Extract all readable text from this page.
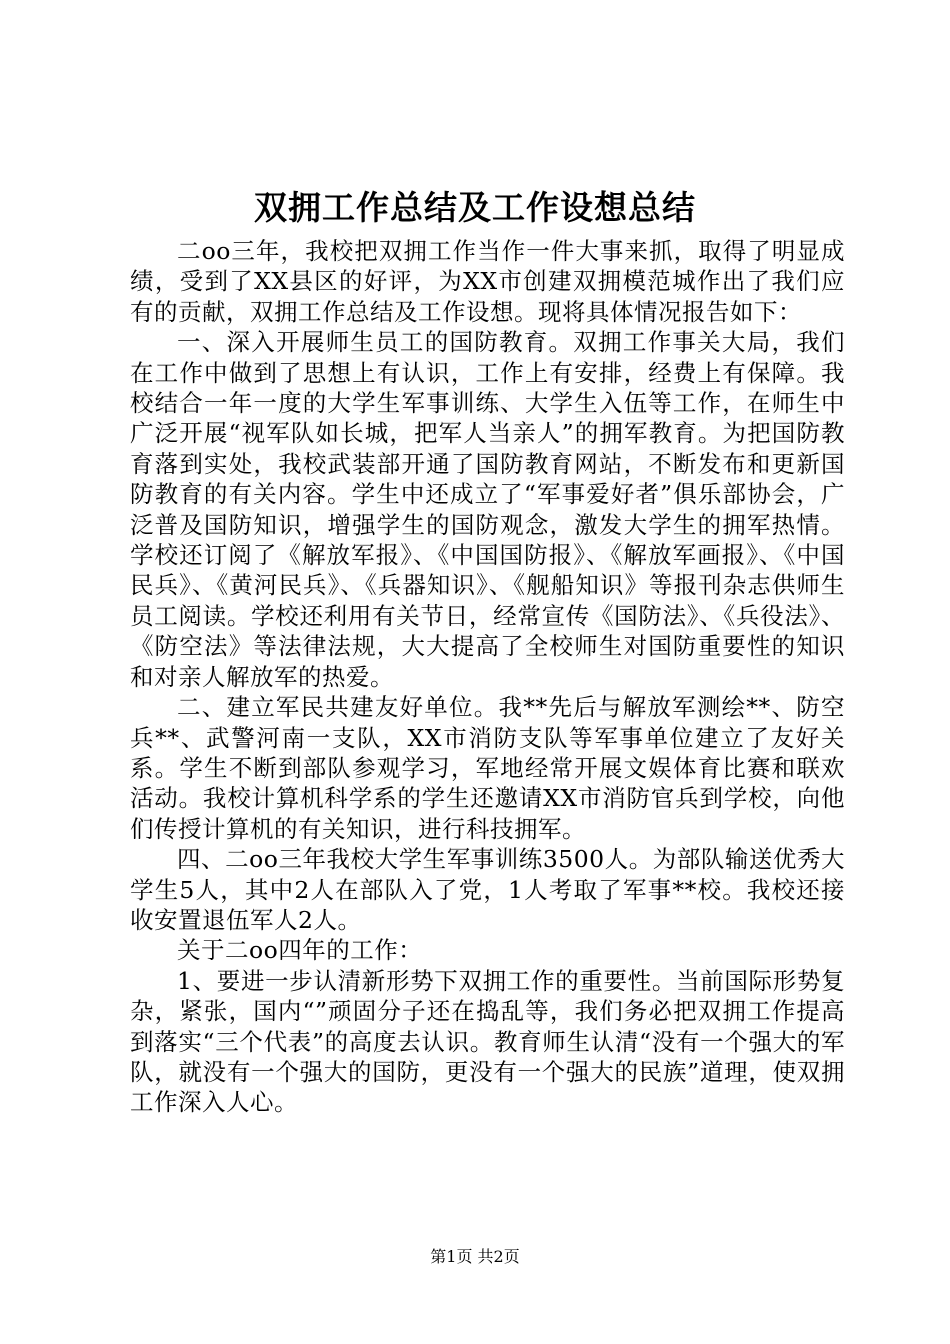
双拥工作总结及工作设想总结

二oo三年，我校把双拥工作当作一件大事来抓，取得了明显成绩，受到了XX县区的好评，为XX市创建双拥模范城作出了我们应有的贡献，双拥工作总结及工作设想。现将具体情况报告如下：

一、深入开展师生员工的国防教育。双拥工作事关大局，我们在工作中做到了思想上有认识，工作上有安排，经费上有保障。我校结合一年一度的大学生军事训练、大学生入伍等工作，在师生中广泛开展“视军队如长城，把军人当亲人”的拥军教育。为把国防教育落到实处，我校武装部开通了国防教育网站，不断发布和更新国防教育的有关内容。学生中还成立了“军事爱好者”俱乐部协会，广泛普及国防知识，增强学生的国防观念，激发大学生的拥军热情。学校还订阅了《解放军报》、《中国国防报》、《解放军画报》、《中国民兵》、《黄河民兵》、《兵器知识》、《舰船知识》等报刊杂志供师生员工阅读。学校还利用有关节日，经常宣传《国防法》、《兵役法》、《防空法》等法律法规，大大提高了全校师生对国防重要性的知识和对亲人解放军的热爱。

二、建立军民共建友好单位。我**先后与解放军测绘**、防空兵**、武警河南一支队，XX市消防支队等军事单位建立了友好关系。学生不断到部队参观学习，军地经常开展文娱体育比赛和联欢活动。我校计算机科学系的学生还邀请XX市消防官兵到学校，向他们传授计算机的有关知识，进行科技拥军。

四、二oo三年我校大学生军事训练3500人。为部队输送优秀大学生5人，其中2人在部队入了党，1人考取了军事**校。我校还接收安置退伍军人2人。

关于二oo四年的工作：

1、要进一步认清新形势下双拥工作的重要性。当前国际形势复杂，紧张，国内“”顽固分子还在捣乱等，我们务必把双拥工作提高到落实“三个代表”的高度去认识。教育师生认清“没有一个强大的军队，就没有一个强大的国防，更没有一个强大的民族”道理，使双拥工作深入人心。

第1页 共2页
